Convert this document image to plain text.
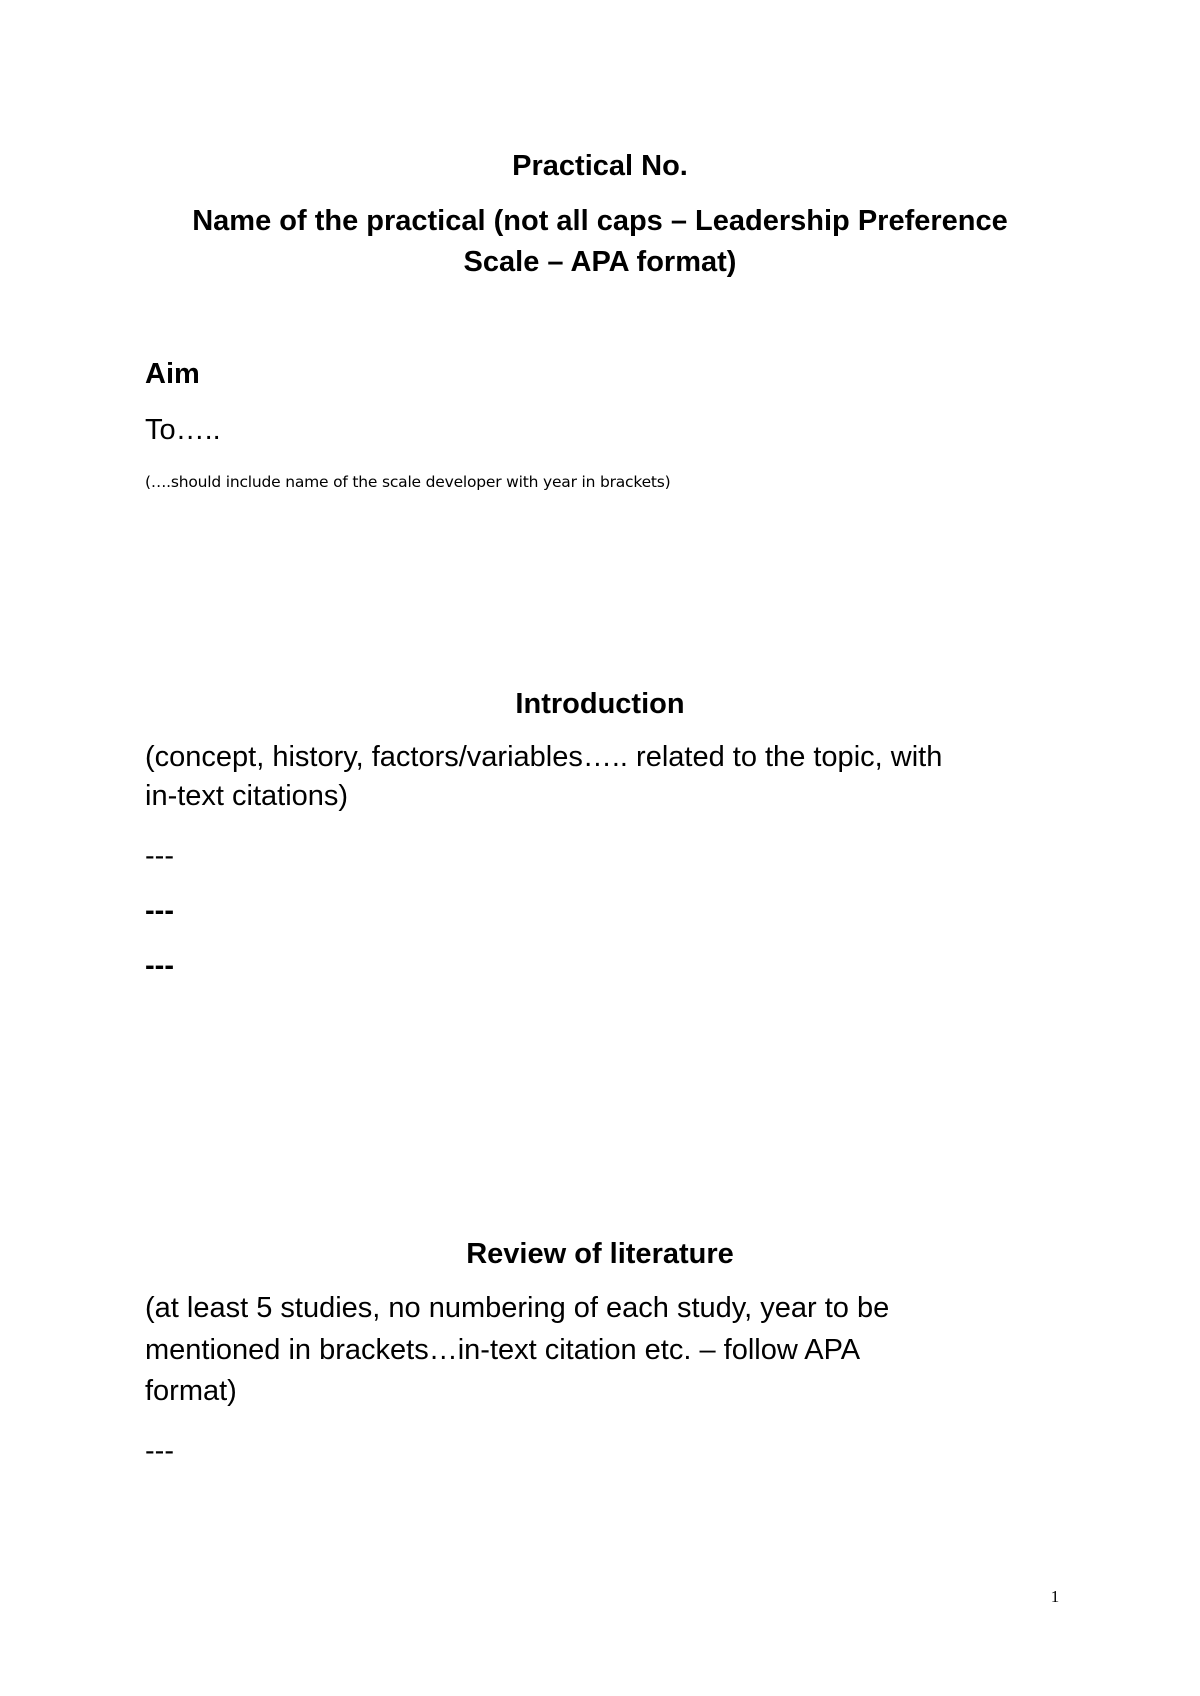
Practical No.

Name of the practical (not all caps – Leadership Preference

Scale – APA format)

Aim

To…..

(….should include name of the scale developer with year in brackets)

Introduction

(concept, history, factors/variables….. related to the topic, with

in-text citations)

---

---

---

Review of literature

(at least 5 studies, no numbering of each study, year to be

mentioned in brackets…in-text citation etc. – follow APA

format)

---

1
